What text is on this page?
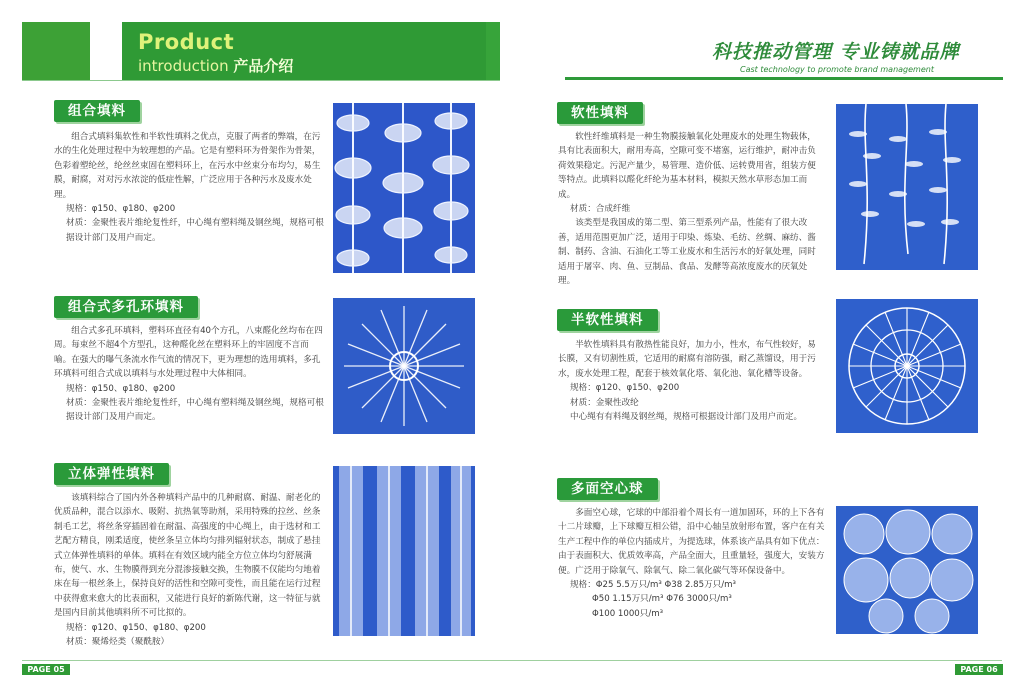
Product
introduction 产品介绍
科技推动管理 专业铸就品牌
Cast technology to promote brand management
组合填料

组合式填料集软性和半软性填料之优点，克服了两者的弊端，在污水的生化处理过程中为较理想的产品。它是有塑料环为骨架作为骨架，色彩着塑纶丝，纶丝丝束固在塑料环上，在污水中丝束分布均匀，易生膜，耐腐，对对污水浓淀的低症性解，广泛应用于各种污水及废水处理。

规格：φ150、φ180、φ200

材质：金聚性表片维纶复性纤，中心绳有塑料绳及钢丝绳，规格可根据设计部门及用户而定。

组合式多孔环填料

组合式多孔环填料，塑料环直径有40个方孔，八束醛化丝均布在四周。每束丝不超4个方型孔，这种醛化丝在塑料环上的牢固度不言而喻。在强大的曝气条流水作气流的情况下，更为理想的选用填料，多孔环填料可组合式成以填料与水处理过程中大体相同。

规格：φ150、φ180、φ200

材质：金聚性表片维纶复性纤，中心绳有塑料绳及钢丝绳，规格可根据设计部门及用户而定。

立体弹性填料

该填料综合了国内外各种填料产品中的几种耐腐、耐温、耐老化的优质品种，混合以添水、吸附、抗热氧等助剂，采用特殊的拉丝、丝条制毛工艺，将丝条穿插固着在耐温、高强度的中心绳上，由于选材和工艺配方精良，刚柔适度，使丝条呈立体均匀排列辐射状态，制成了悬挂式立体弹性填料的单体。填料在有效区域内能全方位立体均匀舒展满布，使气、水、生物膜得到充分混渗接触交换，生物膜不仅能均匀地着床在每一根丝条上，保持良好的活性和空隙可变性，而且能在运行过程中获得愈来愈大的比表面积，又能进行良好的新陈代谢，这一特征与就是国内目前其他填料所不可比拟的。

规格：φ120、φ150、φ180、φ200

材质：聚烯烃类（聚酰胺）

软性填料

软性纤维填料是一种生物膜接触氧化处理废水的处理生物载体，具有比表面积大，耐用寿高，空隙可变不堵塞，运行维护，耐冲击负荷效果稳定。污泥产量少，易管理、造价低、运转费用省，组装方便等特点。此填料以醛化纤纶为基本材料，模拟天然水草形态加工而成。

材质：合成纤维

该类型是我国成的第二型、第三型系列产品，性能有了很大改善，适用范围更加广泛，适用于印染、炼染、毛纺、丝绸、麻纺、酱制、制药、含油、石油化工等工业废水和生活污水的好氧处理，同时适用于屠宰、肉、鱼、豆制品、食品、发酵等高浓度废水的厌氧处理。

半软性填料

半软性填料具有散热性能良好，加力小，性水，布气性较好，易长膜，又有切割性质，它适用的耐腐有溶防强，耐乙蒸馏设，用于污水，废水处理工程，配套于核效氧化塔、氧化池、氧化槽等设备。

规格：φ120、φ150、φ200

材质：金聚性改纶

中心绳有有料绳及钢丝绳，规格可根据设计部门及用户而定。

多面空心球

多面空心球，它球的中部沿着个周长有一道加固环，环的上下各有十二片球瓣，上下球瓣互相公错，沿中心轴呈放射形布置，客户在有关生产工程中作的单位内插成片，为提选球，体系该产品具有如下优点：由于表面积大、优质效率高，产品全面大，且重量轻，强度大，安装方便。广泛用于除氧气、除氧气、除二氧化碳气等环保设备中。

规格：Φ25 5.5万只/m³ Φ38 2.85万只/m³

Φ50 1.15万只/m³ Φ76 3000只/m³

Φ100 1000只/m³

PAGE 05	PAGE 06
